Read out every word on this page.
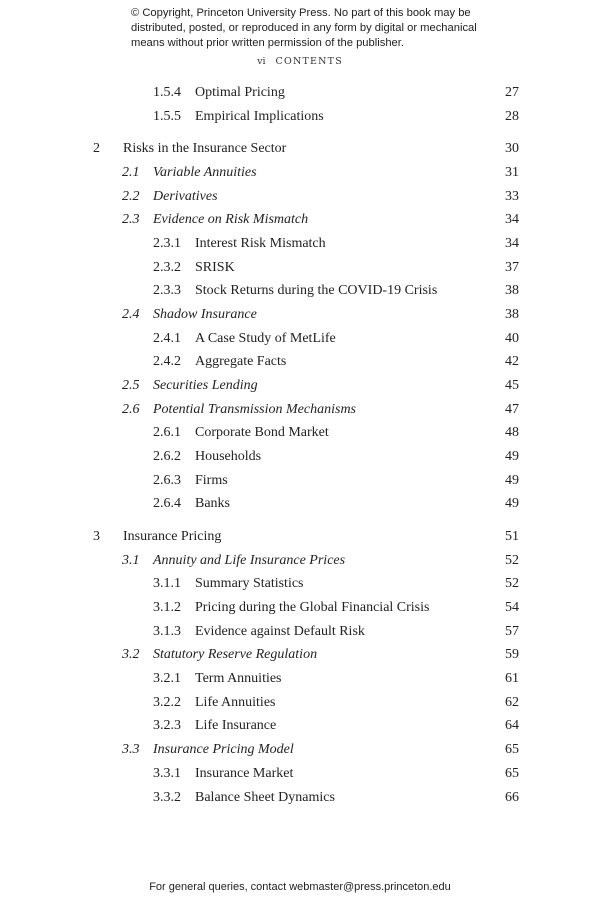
© Copyright, Princeton University Press. No part of this book may be distributed, posted, or reproduced in any form by digital or mechanical means without prior written permission of the publisher.
vi CONTENTS
1.5.4 Optimal Pricing	27
1.5.5 Empirical Implications	28
2 Risks in the Insurance Sector	30
2.1 Variable Annuities	31
2.2 Derivatives	33
2.3 Evidence on Risk Mismatch	34
2.3.1 Interest Risk Mismatch	34
2.3.2 SRISK	37
2.3.3 Stock Returns during the COVID-19 Crisis	38
2.4 Shadow Insurance	38
2.4.1 A Case Study of MetLife	40
2.4.2 Aggregate Facts	42
2.5 Securities Lending	45
2.6 Potential Transmission Mechanisms	47
2.6.1 Corporate Bond Market	48
2.6.2 Households	49
2.6.3 Firms	49
2.6.4 Banks	49
3 Insurance Pricing	51
3.1 Annuity and Life Insurance Prices	52
3.1.1 Summary Statistics	52
3.1.2 Pricing during the Global Financial Crisis	54
3.1.3 Evidence against Default Risk	57
3.2 Statutory Reserve Regulation	59
3.2.1 Term Annuities	61
3.2.2 Life Annuities	62
3.2.3 Life Insurance	64
3.3 Insurance Pricing Model	65
3.3.1 Insurance Market	65
3.3.2 Balance Sheet Dynamics	66
For general queries, contact webmaster@press.princeton.edu
